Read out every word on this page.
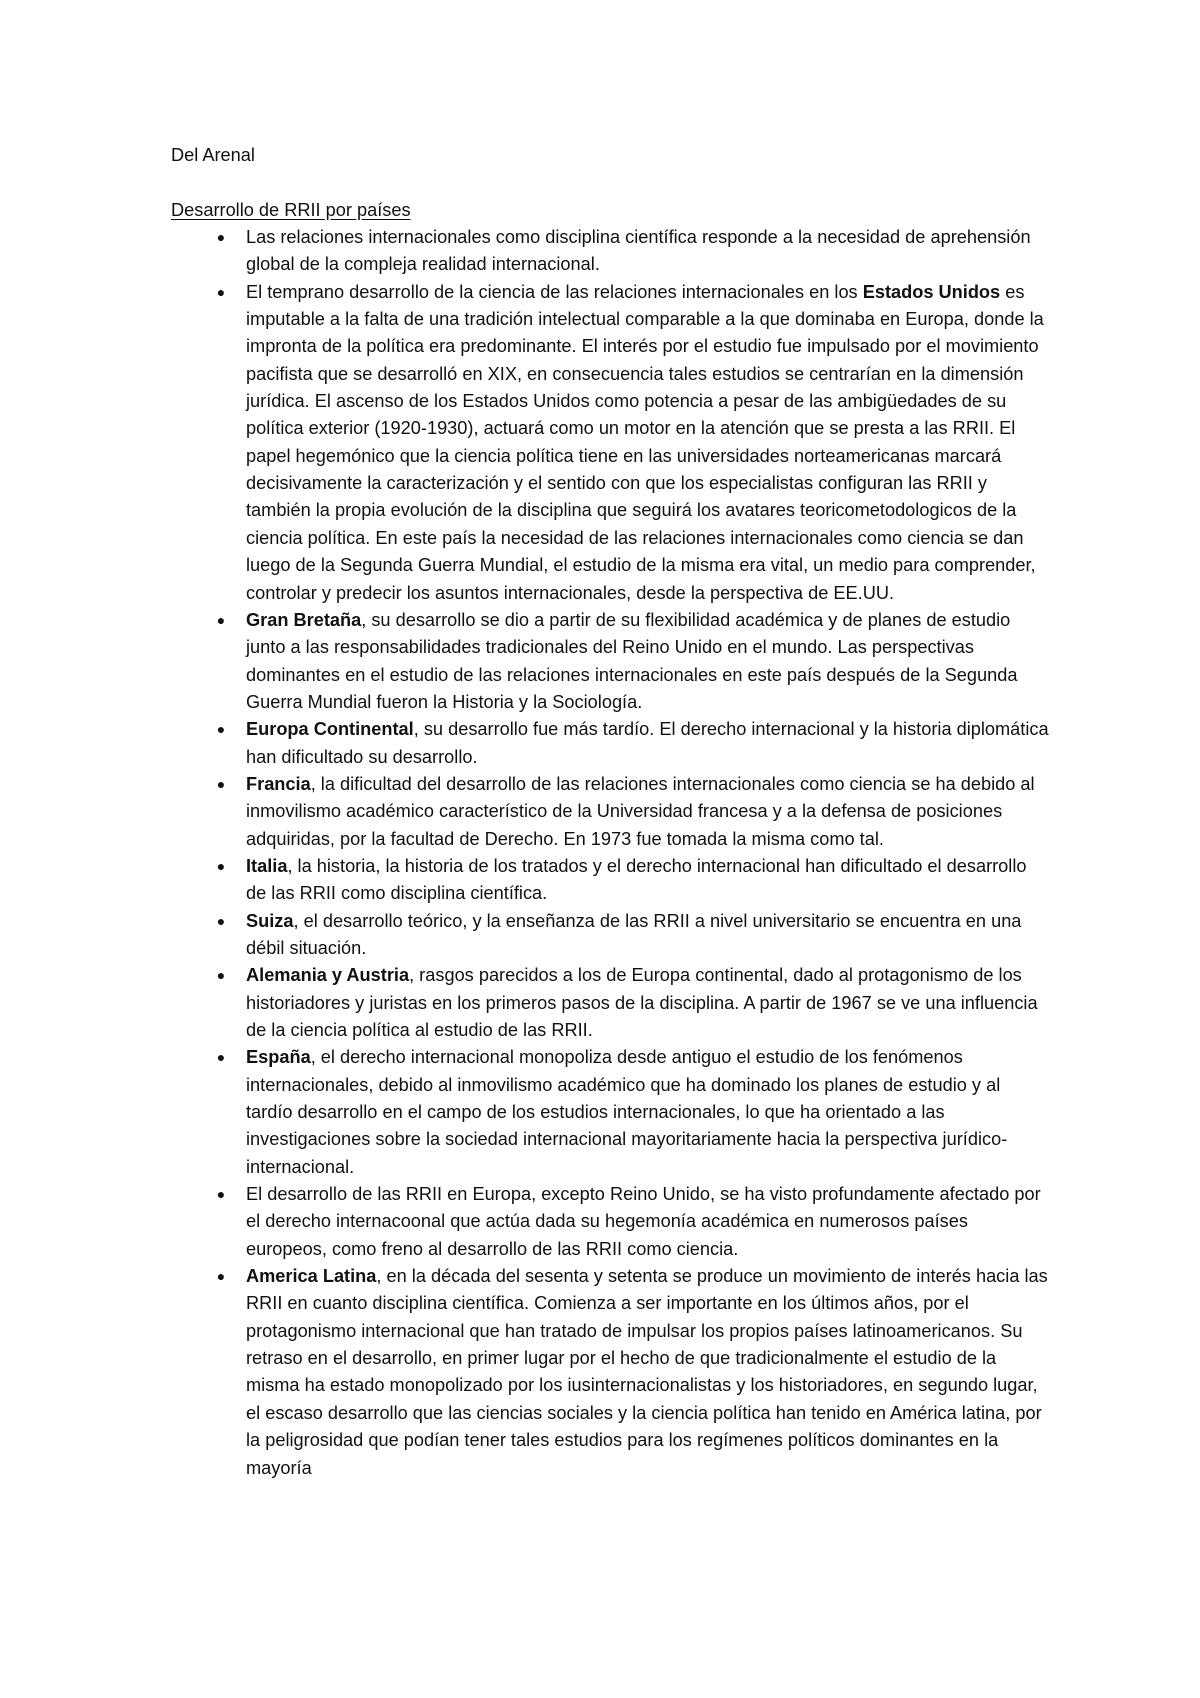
Del Arenal

Desarrollo de RRII por países

● Las relaciones internacionales como disciplina científica responde a la necesidad de aprehensión global de la compleja realidad internacional.
● El temprano desarrollo de la ciencia de las relaciones internacionales en los Estados Unidos es imputable a la falta de una tradición intelectual comparable a la que dominaba en Europa, donde la impronta de la política era predominante. El interés por el estudio fue impulsado por el movimiento pacifista que se desarrolló en XIX, en consecuencia tales estudios se centrarían en la dimensión jurídica. El ascenso de los Estados Unidos como potencia a pesar de las ambigüedades de su política exterior (1920-1930), actuará como un motor en la atención que se presta a las RRII. El papel hegemónico que la ciencia política tiene en las universidades norteamericanas marcará decisivamente la caracterización y el sentido con que los especialistas configuran las RRII y también la propia evolución de la disciplina que seguirá los avatares teoricometodologicos de la ciencia política. En este país la necesidad de las relaciones internacionales como ciencia se dan luego de la Segunda Guerra Mundial, el estudio de la misma era vital, un medio para comprender, controlar y predecir los asuntos internacionales, desde la perspectiva de EE.UU.
● Gran Bretaña, su desarrollo se dio a partir de su flexibilidad académica y de planes de estudio junto a las responsabilidades tradicionales del Reino Unido en el mundo. Las perspectivas dominantes en el estudio de las relaciones internacionales en este país después de la Segunda Guerra Mundial fueron la Historia y la Sociología.
● Europa Continental, su desarrollo fue más tardío. El derecho internacional y la historia diplomática han dificultado su desarrollo.
● Francia, la dificultad del desarrollo de las relaciones internacionales como ciencia se ha debido al inmovilismo académico característico de la Universidad francesa y a la defensa de posiciones adquiridas, por la facultad de Derecho. En 1973 fue tomada la misma como tal.
● Italia, la historia, la historia de los tratados y el derecho internacional han dificultado el desarrollo de las RRII como disciplina científica.
● Suiza, el desarrollo teórico, y la enseñanza de las RRII a nivel universitario se encuentra en una débil situación.
● Alemania y Austria, rasgos parecidos a los de Europa continental, dado al protagonismo de los historiadores y juristas en los primeros pasos de la disciplina. A partir de 1967 se ve una influencia de la ciencia política al estudio de las RRII.
● España, el derecho internacional monopoliza desde antiguo el estudio de los fenómenos internacionales, debido al inmovilismo académico que ha dominado los planes de estudio y al tardío desarrollo en el campo de los estudios internacionales, lo que ha orientado a las investigaciones sobre la sociedad internacional mayoritariamente hacia la perspectiva jurídico-internacional.
● El desarrollo de las RRII en Europa, excepto Reino Unido, se ha visto profundamente afectado por el derecho internacoonal que actúa dada su hegemonía académica en numerosos países europeos, como freno al desarrollo de las RRII como ciencia.
● America Latina, en la década del sesenta y setenta se produce un movimiento de interés hacia las RRII en cuanto disciplina científica. Comienza a ser importante en los últimos años, por el protagonismo internacional que han tratado de impulsar los propios países latinoamericanos. Su retraso en el desarrollo, en primer lugar por el hecho de que tradicionalmente el estudio de la misma ha estado monopolizado por los iusinternacionalistas y los historiadores, en segundo lugar, el escaso desarrollo que las ciencias sociales y la ciencia política han tenido en América latina, por la peligrosidad que podían tener tales estudios para los regímenes políticos dominantes en la mayoría
